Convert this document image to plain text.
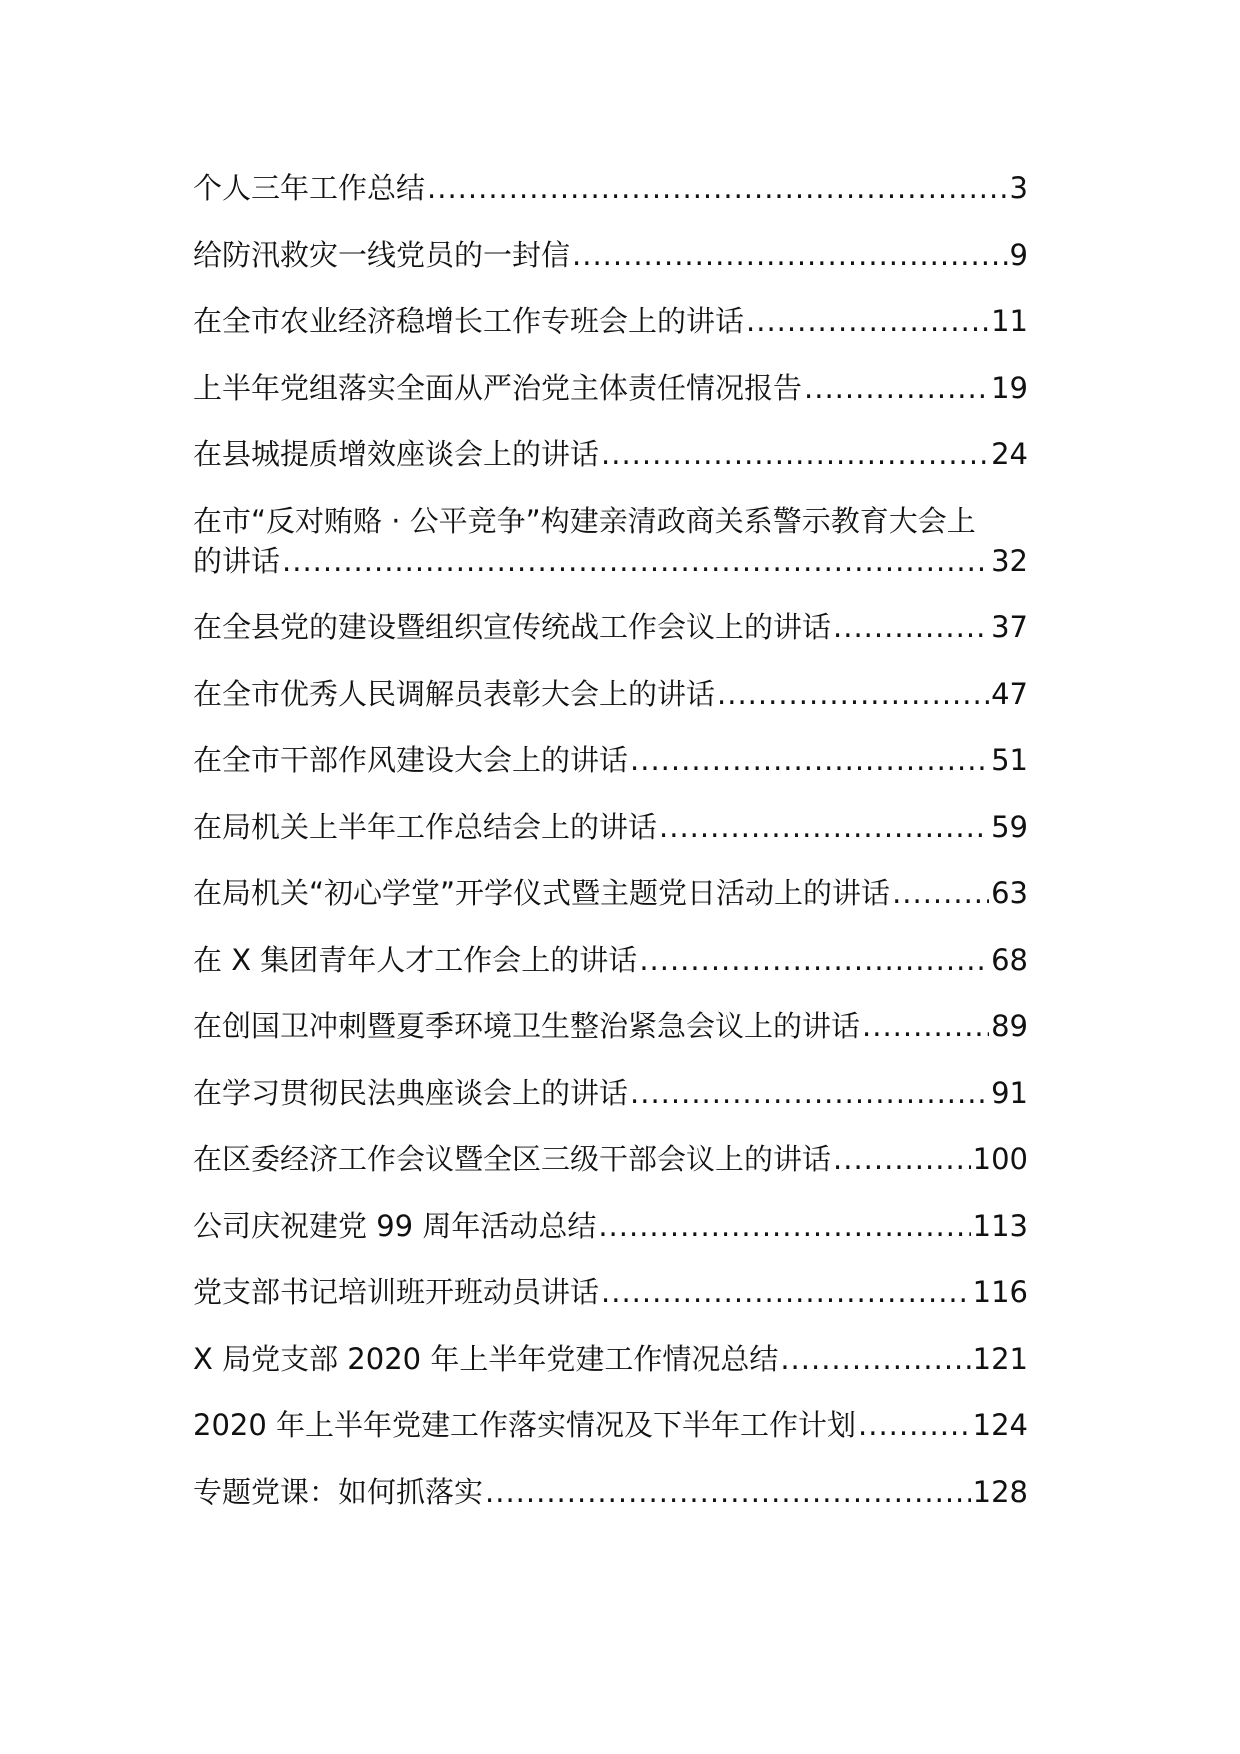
个人三年工作总结 .....	3
给防汛救灾一线党员的一封信 .....	9
在全市农业经济稳增长工作专班会上的讲话 .....	11
上半年党组落实全面从严治党主体责任情况报告 .....	19
在县城提质增效座谈会上的讲话 .....	24
在市“反对贿赂 · 公平竞争”构建亲清政商关系警示教育大会上
的讲话 .....	32
在全县党的建设暨组织宣传统战工作会议上的讲话 .....	37
在全市优秀人民调解员表彰大会上的讲话 .....	47
在全市干部作风建设大会上的讲话 .....	51
在局机关上半年工作总结会上的讲话 .....	59
在局机关“初心学堂”开学仪式暨主题党日活动上的讲话 .....	63
在 X 集团青年人才工作会上的讲话 .....	68
在创国卫冲刺暨夏季环境卫生整治紧急会议上的讲话 .....	89
在学习贯彻民法典座谈会上的讲话 .....	91
在区委经济工作会议暨全区三级干部会议上的讲话 .....	100
公司庆祝建党 99 周年活动总结 .....	113
党支部书记培训班开班动员讲话 .....	116
X 局党支部 2020 年上半年党建工作情况总结 .....	121
2020 年上半年党建工作落实情况及下半年工作计划 .....	124
专题党课：如何抓落实 .....	128
